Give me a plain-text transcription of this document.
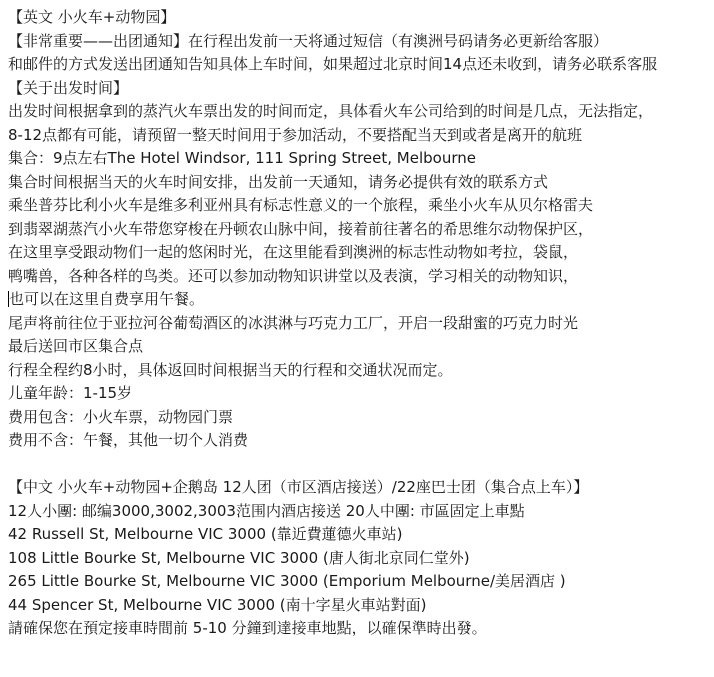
【英文 小火车+动物园】
【非常重要——出团通知】在行程出发前一天将通过短信（有澳洲号码请务必更新给客服）
和邮件的方式发送出团通知告知具体上车时间，如果超过北京时间14点还未收到，请务必联系客服
【关于出发时间】
出发时间根据拿到的蒸汽火车票出发的时间而定，具体看火车公司给到的时间是几点，无法指定，
8-12点都有可能，请预留一整天时间用于参加活动，不要搭配当天到或者是离开的航班
集合：9点左右The Hotel Windsor, 111 Spring Street, Melbourne
集合时间根据当天的火车时间安排，出发前一天通知，请务必提供有效的联系方式
乘坐普芬比利小火车是维多利亚州具有标志性意义的一个旅程，乘坐小火车从贝尔格雷夫
到翡翠湖蒸汽小火车带您穿梭在丹顿农山脉中间，接着前往著名的希思维尔动物保护区，
在这里享受跟动物们一起的悠闲时光，在这里能看到澳洲的标志性动物如考拉，袋鼠，
鸭嘴兽，各种各样的鸟类。还可以参加动物知识讲堂以及表演，学习相关的动物知识，
也可以在这里自费享用午餐。
尾声将前往位于亚拉河谷葡萄酒区的冰淇淋与巧克力工厂，开启一段甜蜜的巧克力时光
最后送回市区集合点
行程全程约8小时，具体返回时间根据当天的行程和交通状况而定。
儿童年龄：1-15岁
费用包含：小火车票，动物园门票
费用不含：午餐，其他一切个人消费
【中文 小火车+动物园+企鹅岛 12人团（市区酒店接送）/22座巴士团（集合点上车）】
12人小團: 邮编3000,3002,3003范围内酒店接送 20人中團: 市區固定上車點
42 Russell St, Melbourne VIC 3000 (靠近費蓮德火車站)
108 Little Bourke St, Melbourne VIC 3000 (唐人街北京同仁堂外)
265 Little Bourke St, Melbourne VIC 3000 (Emporium Melbourne/美居酒店 )
44 Spencer St, Melbourne VIC 3000 (南十字星火車站對面)
請確保您在預定接車時間前 5-10 分鐘到達接車地點，以確保準時出發。
